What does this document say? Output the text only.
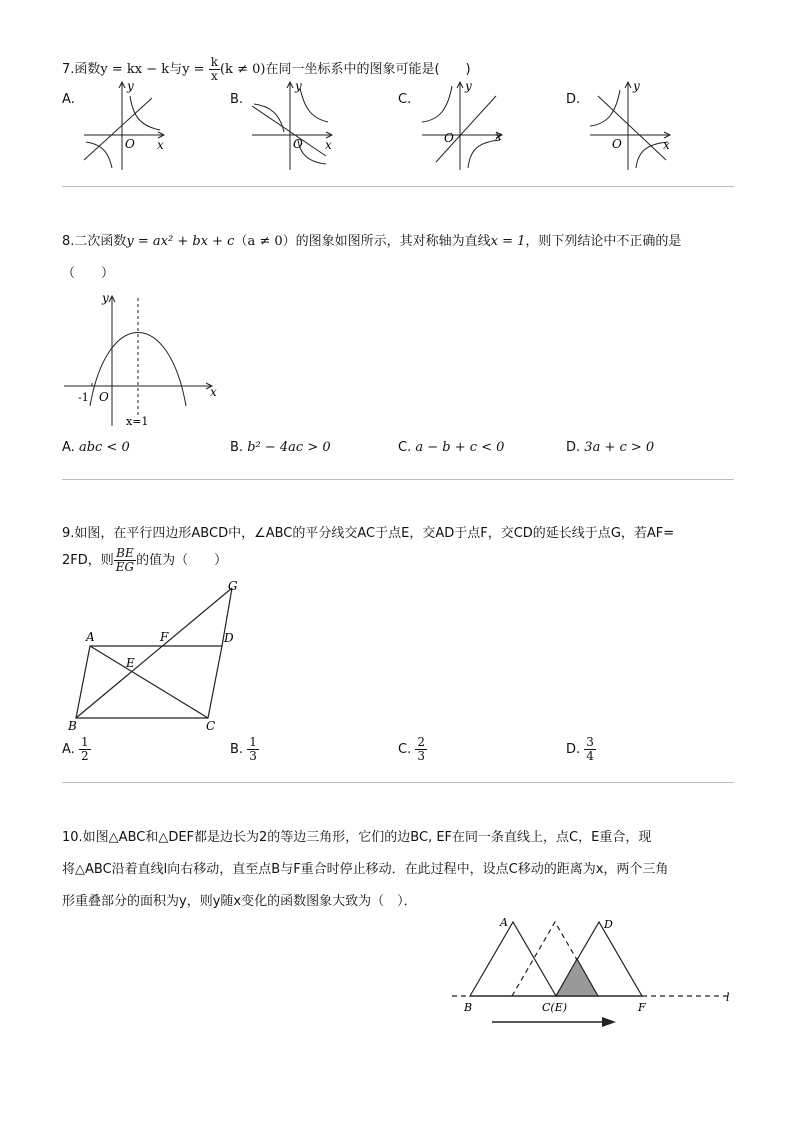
7.函数y = kx − k与$y = \frac{k}{x} (k \ne 0)$在同一坐标系中的图象可能是(　　)
A.	B.	C.	D.
y
x
O
y
x
O
y
x
O
y
x
O
8.二次函数y = ax² + bx + c（a ≠ 0）的图象如图所示，其对称轴为直线x = 1，则下列结论中不正确的是
（　　）
y
x
O
-1
x=1
A. abc < 0	B. b² − 4ac > 0	C. a − b + c < 0	D. 3a + c > 0
9.如图，在平行四边形ABCD中，∠ABC的平分线交AC于点E，交AD于点F，交CD的延长线于点G，若AF=
2FD，则 $\frac{BE}{EG}$ 的值为（　　）
A	F	D
E
G
B	C
A. $\frac{1}{2}$	B. $\frac{1}{3}$	C. $\frac{2}{3}$	D. $\frac{3}{4}$
10.如图△ABC和△DEF都是边长为2的等边三角形，它们的边BC, EF在同一条直线上，点C，E重合，现
将△ABC沿着直线l向右移动，直至点B与F重合时停止移动．在此过程中，设点C移动的距离为x，两个三角
形重叠部分的面积为y，则y随x变化的函数图象大致为（　）．
A	D
B	C(E)	F
l
